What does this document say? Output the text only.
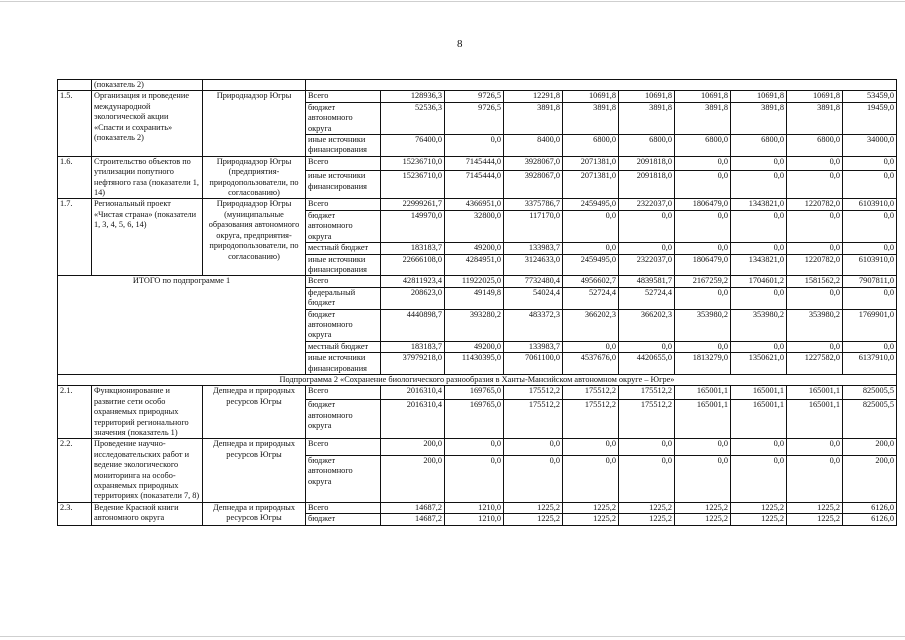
8
	(показатель 2)											
1.5.	Организация и проведение международной экологической акции «Спасти и сохранить» (показатель 2)	Природнадзор Югры	Всего	128936,3	9726,5	12291,8	10691,8	10691,8	10691,8	10691,8	10691,8	53459,0
			бюджет автономного округа	52536,3	9726,5	3891,8	3891,8	3891,8	3891,8	3891,8	3891,8	19459,0
			иные источники финансирования	76400,0	0,0	8400,0	6800,0	6800,0	6800,0	6800,0	6800,0	34000,0
1.6.	Строительство объектов по утилизации попутного нефтяного газа (показатели 1, 14)	Природнадзор Югры (предприятия-природопользователи, по согласованию)	Всего	15236710,0	7145444,0	3928067,0	2071381,0	2091818,0	0,0	0,0	0,0	0,0
			иные источники финансирования	15236710,0	7145444,0	3928067,0	2071381,0	2091818,0	0,0	0,0	0,0	0,0
1.7.	Региональный проект «Чистая страна» (показатели 1, 3, 4, 5, 6, 14)	Природнадзор Югры (муниципальные образования автономного округа, предприятия-природопользователи, по согласованию)	Всего	22999261,7	4366951,0	3375786,7	2459495,0	2322037,0	1806479,0	1343821,0	1220782,0	6103910,0
			бюджет автономного округа	149970,0	32800,0	117170,0	0,0	0,0	0,0	0,0	0,0	0,0
			местный бюджет	183183,7	49200,0	133983,7	0,0	0,0	0,0	0,0	0,0	0,0
			иные источники финансирования	22666108,0	4284951,0	3124633,0	2459495,0	2322037,0	1806479,0	1343821,0	1220782,0	6103910,0
ИТОГО по подпрограмме 1			Всего	42811923,4	11922025,0	7732480,4	4956602,7	4839581,7	2167259,2	1704601,2	1581562,2	7907811,0
			федеральный бюджет	208623,0	49149,8	54024,4	52724,4	52724,4	0,0	0,0	0,0	0,0
			бюджет автономного округа	4440898,7	393280,2	483372,3	366202,3	366202,3	353980,2	353980,2	353980,2	1769901,0
			местный бюджет	183183,7	49200,0	133983,7	0,0	0,0	0,0	0,0	0,0	0,0
			иные источники финансирования	37979218,0	11430395,0	7061100,0	4537676,0	4420655,0	1813279,0	1350621,0	1227582,0	6137910,0
Подпрограмма 2 «Сохранение биологического разнообразия в Ханты-Мансийском автономном округе – Югре»												
2.1.	Функционирование и развитие сети особо охраняемых природных территорий регионального значения (показатель 1)	Депнедра и природных ресурсов Югры	Всего	2016310,4	169765,0	175512,2	175512,2	175512,2	165001,1	165001,1	165001,1	825005,5
			бюджет автономного округа	2016310,4	169765,0	175512,2	175512,2	175512,2	165001,1	165001,1	165001,1	825005,5
2.2.	Проведение научно-исследовательских работ и ведение экологического мониторинга на особо-охраняемых природных территориях (показатели 7, 8)	Депнедра и природных ресурсов Югры	Всего	200,0	0,0	0,0	0,0	0,0	0,0	0,0	0,0	200,0
			бюджет автономного округа	200,0	0,0	0,0	0,0	0,0	0,0	0,0	0,0	200,0
2.3.	Ведение Красной книги автономного округа	Депнедра и природных ресурсов Югры	Всего	14687,2	1210,0	1225,2	1225,2	1225,2	1225,2	1225,2	1225,2	6126,0
			бюджет	14687,2	1210,0	1225,2	1225,2	1225,2	1225,2	1225,2	1225,2	6126,0
